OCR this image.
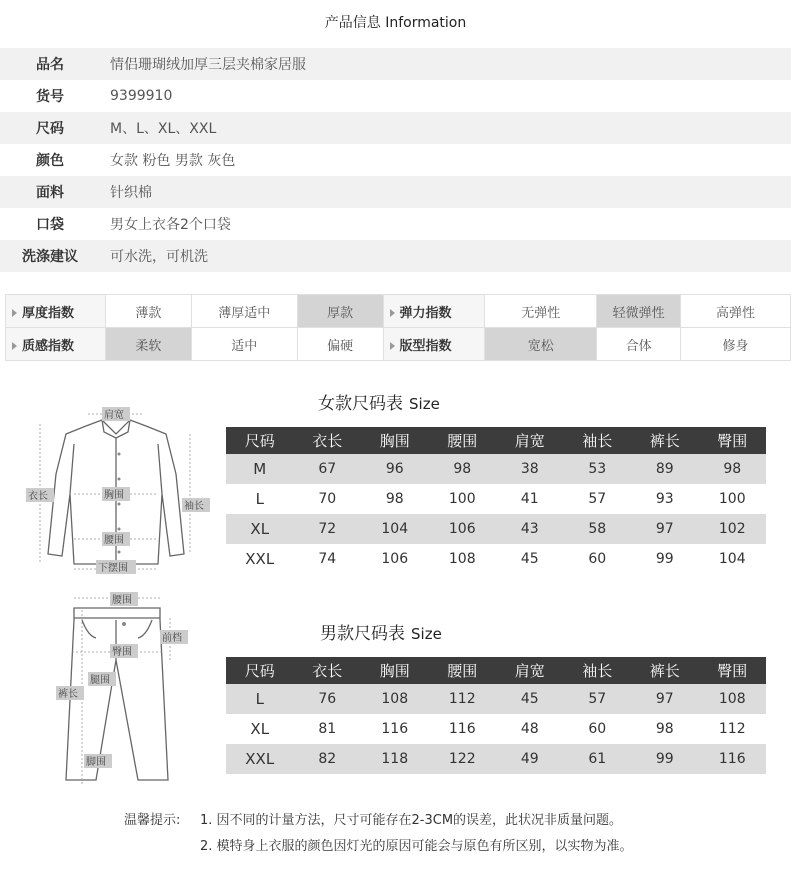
产品信息 Information
品名	情侣珊瑚绒加厚三层夹棉家居服
货号	9399910
尺码	M、L、XL、XXL
颜色	女款 粉色 男款 灰色
面料	针织棉
口袋	男女上衣各2个口袋
洗涤建议	可水洗，可机洗
厚度指数	薄款	薄厚适中	厚款	弹力指数	无弹性	轻微弹性	高弹性
质感指数	柔软	适中	偏硬	版型指数	宽松	合体	修身
肩宽
衣长	胸围
袖长
腰围
下摆围
腰围
臀围
前档
腿围
裤长
脚围
女款尺码表 Size
尺码	衣长	胸围	腰围	肩宽	袖长	裤长	臀围
M	67	96	98	38	53	89	98
L	70	98	100	41	57	93	100
XL	72	104	106	43	58	97	102
XXL	74	106	108	45	60	99	104
男款尺码表 Size
尺码	衣长	胸围	腰围	肩宽	袖长	裤长	臀围
L	76	108	112	45	57	97	108
XL	81	116	116	48	60	98	112
XXL	82	118	122	49	61	99	116
温馨提示:	1. 因不同的计量方法，尺寸可能存在2-3CM的误差，此状况非质量问题。
2. 模特身上衣服的颜色因灯光的原因可能会与原色有所区别，以实物为准。
